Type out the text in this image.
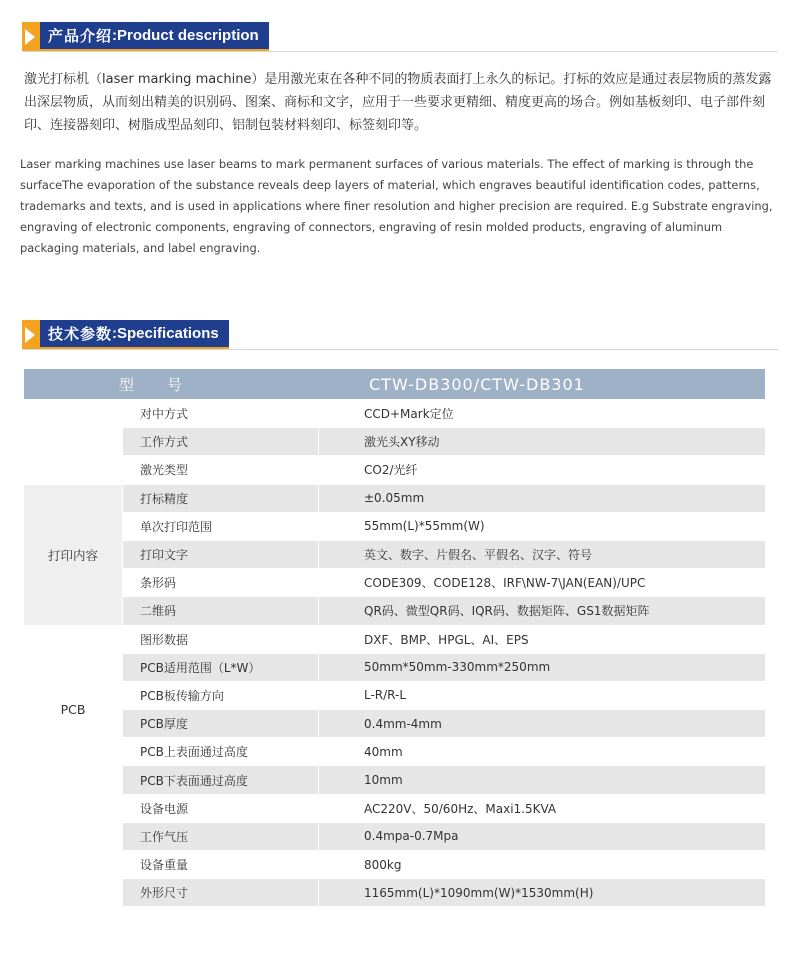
产品介绍 :Product description
激光打标机（laser marking machine）是用激光束在各种不同的物质表面打上永久的标记。打标的效应是通过表层物质的蒸发露出深层物质，从而刻出精美的识别码、图案、商标和文字，应用于一些要求更精细、精度更高的场合。例如基板刻印、电子部件刻印、连接器刻印、树脂成型品刻印、铝制包装材料刻印、标签刻印等。
Laser marking machines use laser beams to mark permanent surfaces of various materials. The effect of marking is through the surfaceThe evaporation of the substance reveals deep layers of material, which engraves beautiful identification codes, patterns, trademarks and texts, and is used in applications where finer resolution and higher precision are required. E.g Substrate engraving, engraving of electronic components, engraving of connectors, engraving of resin molded products, engraving of aluminum packaging materials, and label engraving.
技术参数 :Specifications
型　　号		CTW-DB300/CTW-DB301
	对中方式		CCD+Mark定位
	工作方式		激光头XY移动
	激光类型		CO2/光纤
打印内容	打标精度		±0.05mm
	单次打印范围		55mm(L)*55mm(W)
	打印文字		英文、数字、片假名、平假名、汉字、符号
	条形码		CODE309、CODE128、IRF\NW-7\JAN(EAN)/UPC
	二维码		QR码、微型QR码、IQR码、数据矩阵、GS1数据矩阵
PCB	图形数据		DXF、BMP、HPGL、AI、EPS
	PCB适用范围（L*W）		50mm*50mm-330mm*250mm
	PCB板传输方向		L-R/R-L
	PCB厚度		0.4mm-4mm
	PCB上表面通过高度		40mm
	PCB下表面通过高度		10mm
	设备电源		AC220V、50/60Hz、Maxi1.5KVA
	工作气压		0.4mpa-0.7Mpa
	设备重量		800kg
	外形尺寸		1165mm(L)*1090mm(W)*1530mm(H)
